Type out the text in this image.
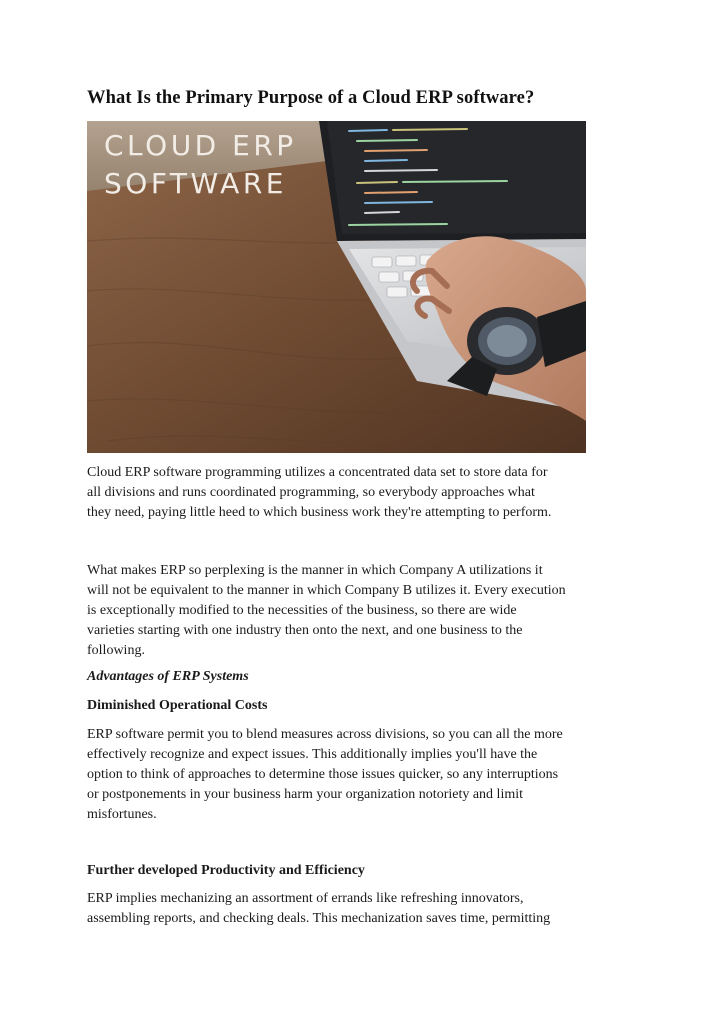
What Is the Primary Purpose of a Cloud ERP software?
CLOUD ERP
SOFTWARE
Cloud ERP software programming utilizes a concentrated data set to store data for
all divisions and runs coordinated programming, so everybody approaches what
they need, paying little heed to which business work they're attempting to perform.
What makes ERP so perplexing is the manner in which Company A utilizations it
will not be equivalent to the manner in which Company B utilizes it. Every execution
is exceptionally modified to the necessities of the business, so there are wide
varieties starting with one industry then onto the next, and one business to the
following.
Advantages of ERP Systems
Diminished Operational Costs
ERP software permit you to blend measures across divisions, so you can all the more
effectively recognize and expect issues. This additionally implies you'll have the
option to think of approaches to determine those issues quicker, so any interruptions
or postponements in your business harm your organization notoriety and limit
misfortunes.
Further developed Productivity and Efficiency
ERP implies mechanizing an assortment of errands like refreshing innovators,
assembling reports, and checking deals. This mechanization saves time, permitting
